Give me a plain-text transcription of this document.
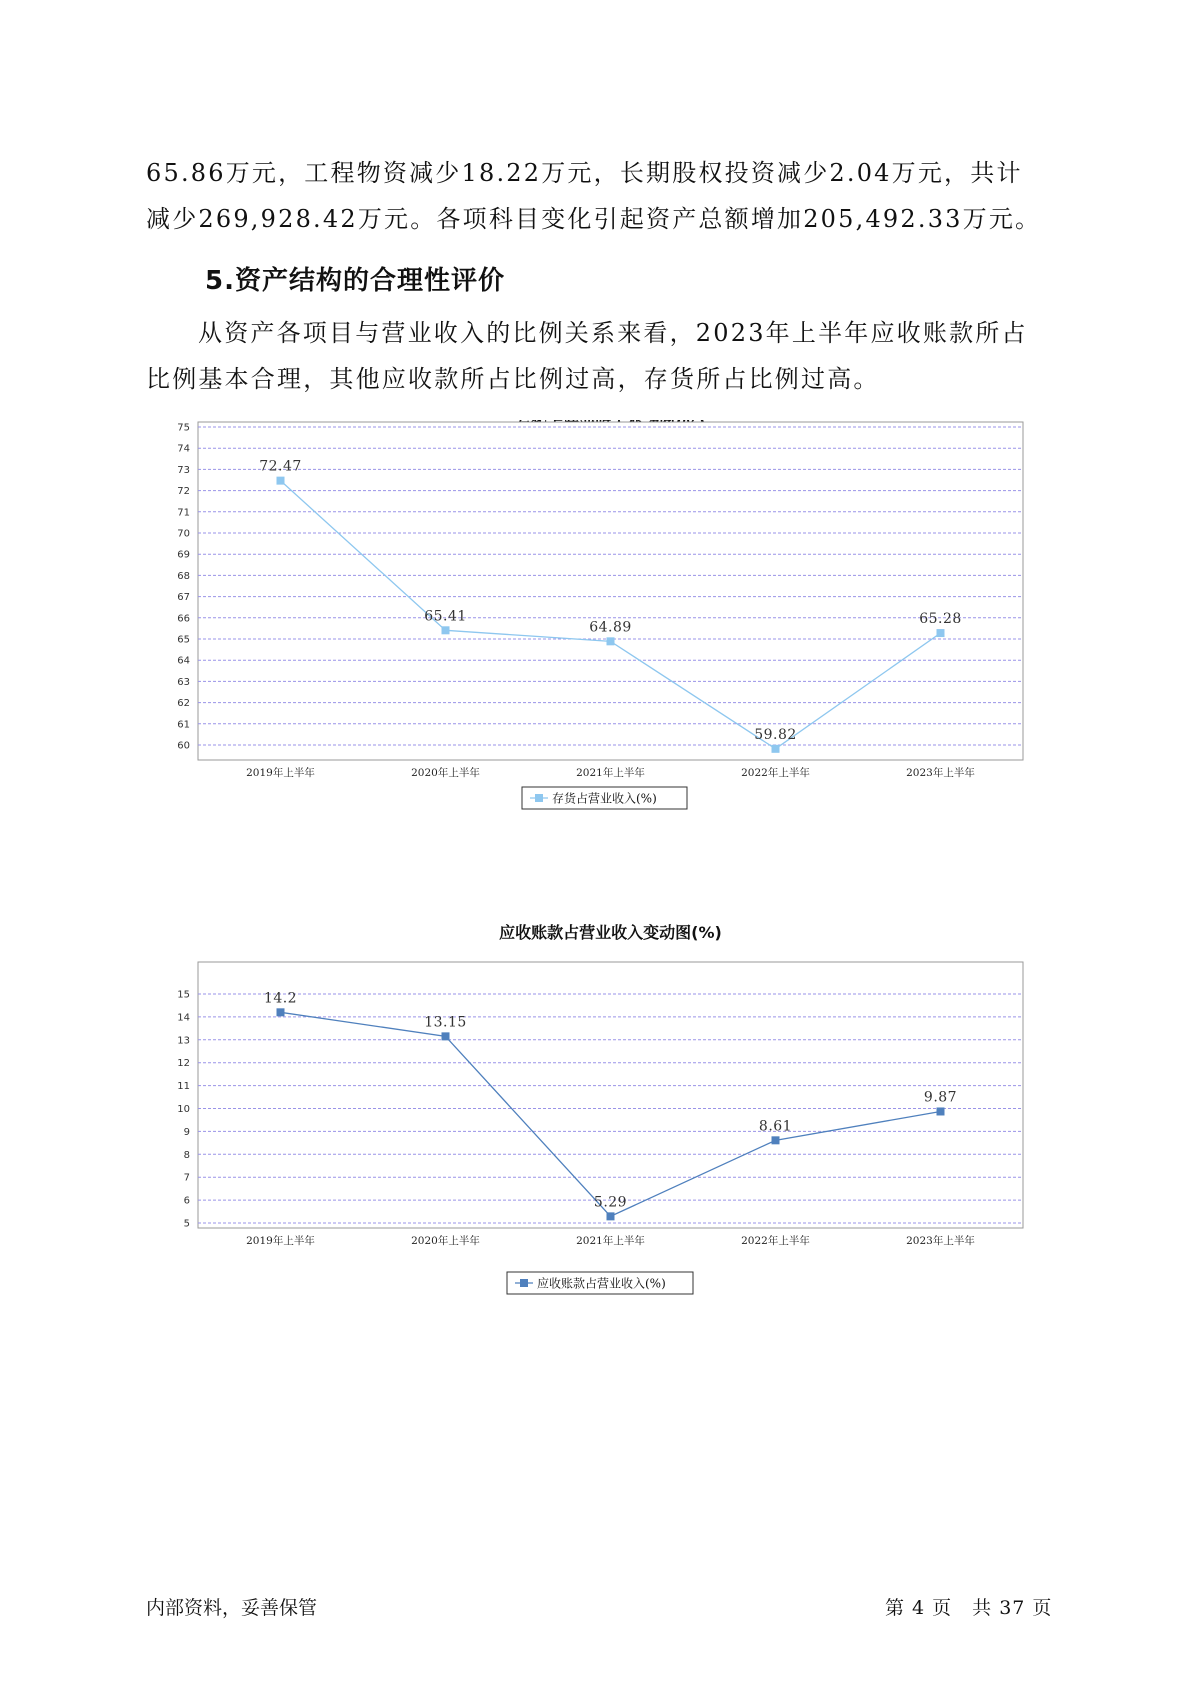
65.86万元，工程物资减少18.22万元，长期股权投资减少2.04万元，共计减少269,928.42万元。各项科目变化引起资产总额增加205,492.33万元。

5.资产结构的合理性评价

从资产各项目与营业收入的比例关系来看，2023年上半年应收账款所占比例基本合理，其他应收款所占比例过高，存货所占比例过高。

75
74
73
72
71
70
69
68
67
66
65
64
63
62
61
60
2019年上半年	2020年上半年	2021年上半年	2022年上半年	2023年上半年
72.47
65.41
64.89
59.82
65.28
存货占营业收入(%)
应收账款占营业收入变动图(%)
15
14
13
12
11
10
9
8
7
6
5
2019年上半年	2020年上半年	2021年上半年	2022年上半年	2023年上半年
14.2
13.15
5.29
8.61
9.87
应收账款占营业收入(%)
内部资料，妥善保管	第 4 页　共 37 页
